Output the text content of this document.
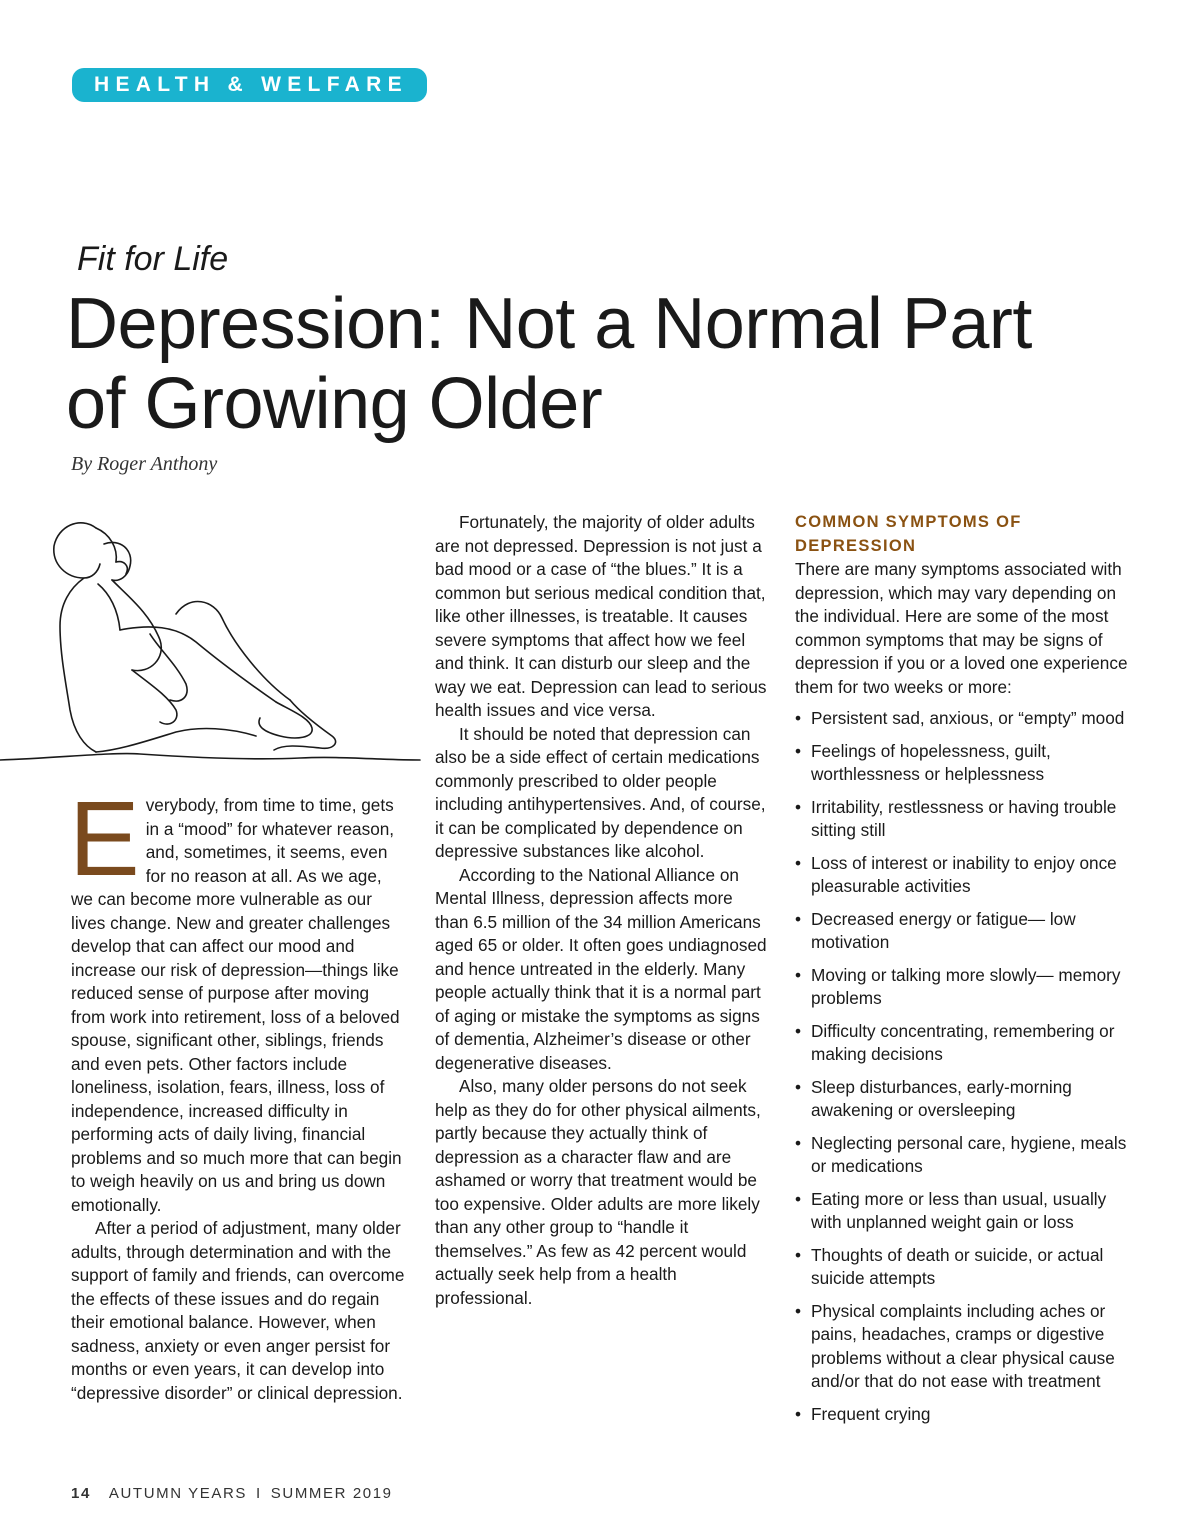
HEALTH & WELFARE
Fit for Life
Depression: Not a Normal Part
of Growing Older
By Roger Anthony

Everybody, from time to time, gets in a “mood” for whatever reason, and, sometimes, it seems, even for no reason at all. As we age, we can become more vulnerable as our lives change. New and greater challenges develop that can affect our mood and increase our risk of depression—things like reduced sense of purpose after moving from work into retirement, loss of a beloved spouse, significant other, siblings, friends and even pets. Other factors include loneliness, isolation, fears, illness, loss of independence, increased difficulty in performing acts of daily living, financial problems and so much more that can begin to weigh heavily on us and bring us down emotionally.

After a period of adjustment, many older adults, through determination and with the support of family and friends, can overcome the effects of these issues and do regain their emotional balance. However, when sadness, anxiety or even anger persist for months or even years, it can develop into “depressive disorder” or clinical depression.

Fortunately, the majority of older adults are not depressed. Depression is not just a bad mood or a case of “the blues.” It is a common but serious medical condition that, like other illnesses, is treatable. It causes severe symptoms that affect how we feel and think. It can disturb our sleep and the way we eat. Depression can lead to serious health issues and vice versa.

It should be noted that depression can also be a side effect of certain medications commonly prescribed to older people including antihypertensives. And, of course, it can be complicated by dependence on depressive substances like alcohol.

According to the National Alliance on Mental Illness, depression affects more than 6.5 million of the 34 million Americans aged 65 or older. It often goes undiagnosed and hence untreated in the elderly. Many people actually think that it is a normal part of aging or mistake the symptoms as signs of dementia, Alzheimer’s disease or other degenerative diseases.

Also, many older persons do not seek help as they do for other physical ailments, partly because they actually think of depression as a character flaw and are ashamed or worry that treatment would be too expensive. Older adults are more likely than any other group to “handle it themselves.” As few as 42 percent would actually seek help from a health professional.

COMMON SYMPTOMS OF DEPRESSION

There are many symptoms associated with depression, which may vary depending on the individual. Here are some of the most common symptoms that may be signs of depression if you or a loved one experience them for two weeks or more:

• Persistent sad, anxious, or “empty” mood
• Feelings of hopelessness, guilt, worthlessness or helplessness
• Irritability, restlessness or having trouble sitting still
• Loss of interest or inability to enjoy once pleasurable activities
• Decreased energy or fatigue— low motivation
• Moving or talking more slowly— memory problems
• Difficulty concentrating, remembering or making decisions
• Sleep disturbances, early-morning awakening or oversleeping
• Neglecting personal care, hygiene, meals or medications
• Eating more or less than usual, usually with unplanned weight gain or loss
• Thoughts of death or suicide, or actual suicide attempts
• Physical complaints including aches or pains, headaches, cramps or digestive problems without a clear physical cause and/or that do not ease with treatment
• Frequent crying
14 AUTUMN YEARS I SUMMER 2019
